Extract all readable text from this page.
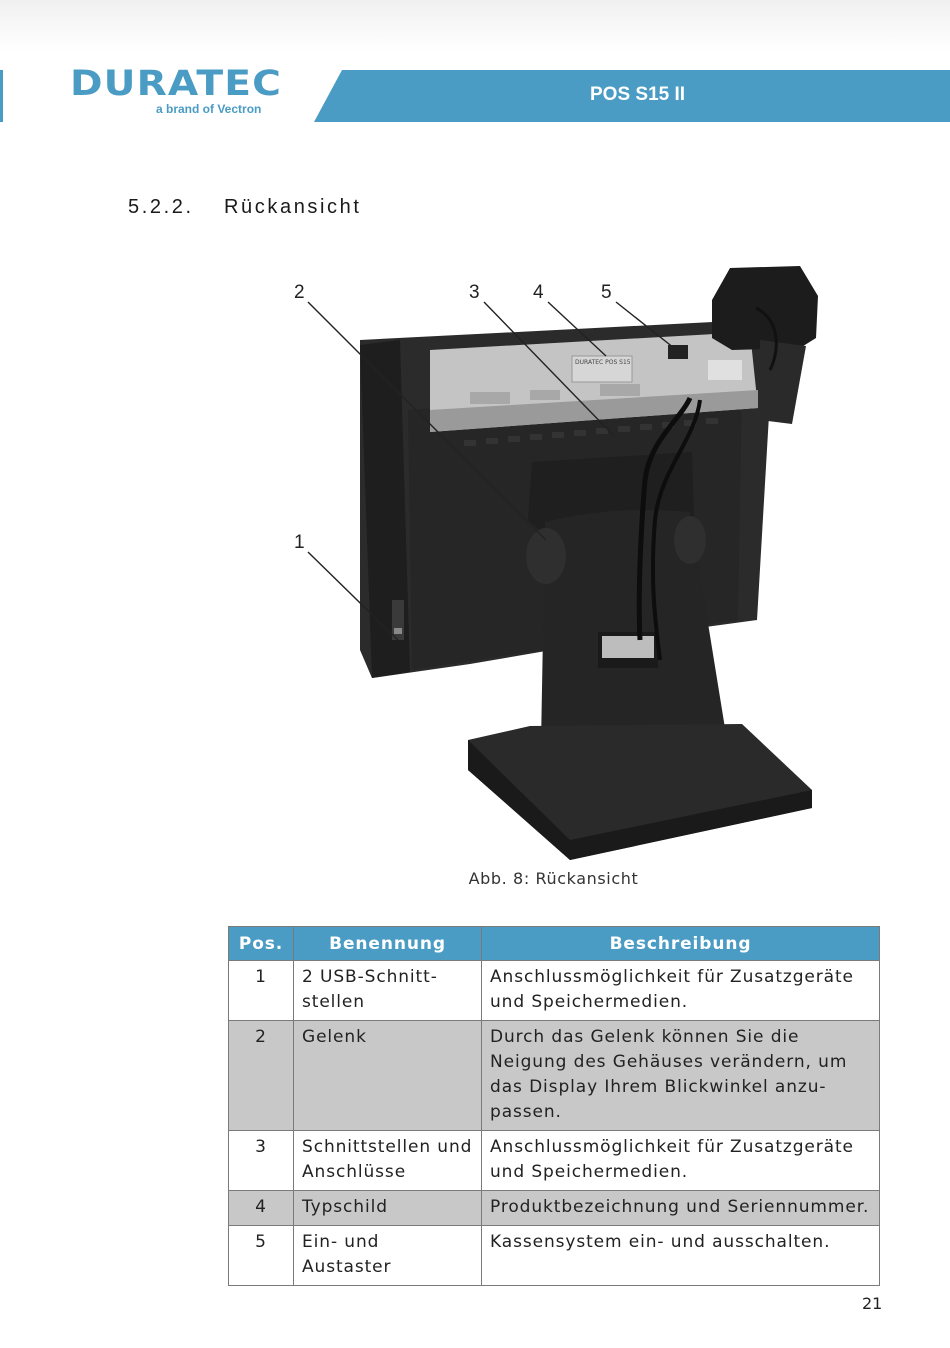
DURATEC
a brand of Vectron
POS S15 II
5.2.2. Rückansicht
DURATEC POS S15
1
2	3	4	5
Abb. 8: Rückansicht
Pos.	Benennung	Beschreibung
1	2 USB-Schnitt-stellen	Anschlussmöglichkeit für Zusatzgeräte und Speichermedien.
2	Gelenk	Durch das Gelenk können Sie die Neigung des Gehäuses verändern, um das Display Ihrem Blickwinkel anzu-passen.
3	Schnittstellen und Anschlüsse	Anschlussmöglichkeit für Zusatzgeräte und Speichermedien.
4	Typschild	Produktbezeichnung und Seriennummer.
5	Ein- und Austaster	Kassensystem ein- und ausschalten.
21
